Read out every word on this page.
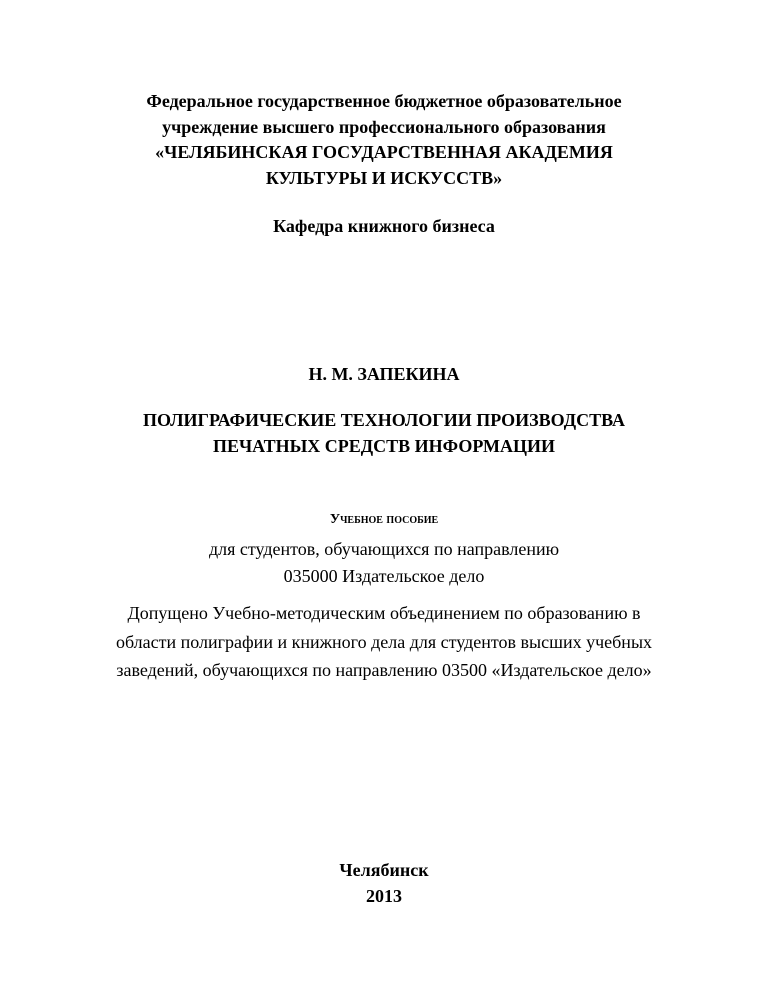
Федеральное государственное бюджетное образовательное
учреждение высшего профессионального образования
«ЧЕЛЯБИНСКАЯ ГОСУДАРСТВЕННАЯ АКАДЕМИЯ
КУЛЬТУРЫ И ИСКУССТВ»
Кафедра книжного бизнеса
Н. М. ЗАПЕКИНА
ПОЛИГРАФИЧЕСКИЕ ТЕХНОЛОГИИ ПРОИЗВОДСТВА
ПЕЧАТНЫХ СРЕДСТВ ИНФОРМАЦИИ
Учебное пособие
для студентов, обучающихся по направлению
035000 Издательское дело
Допущено Учебно-методическим объединением по образованию в
области полиграфии и книжного дела для студентов высших учебных
заведений, обучающихся по направлению 03500 «Издательское дело»
Челябинск
2013
